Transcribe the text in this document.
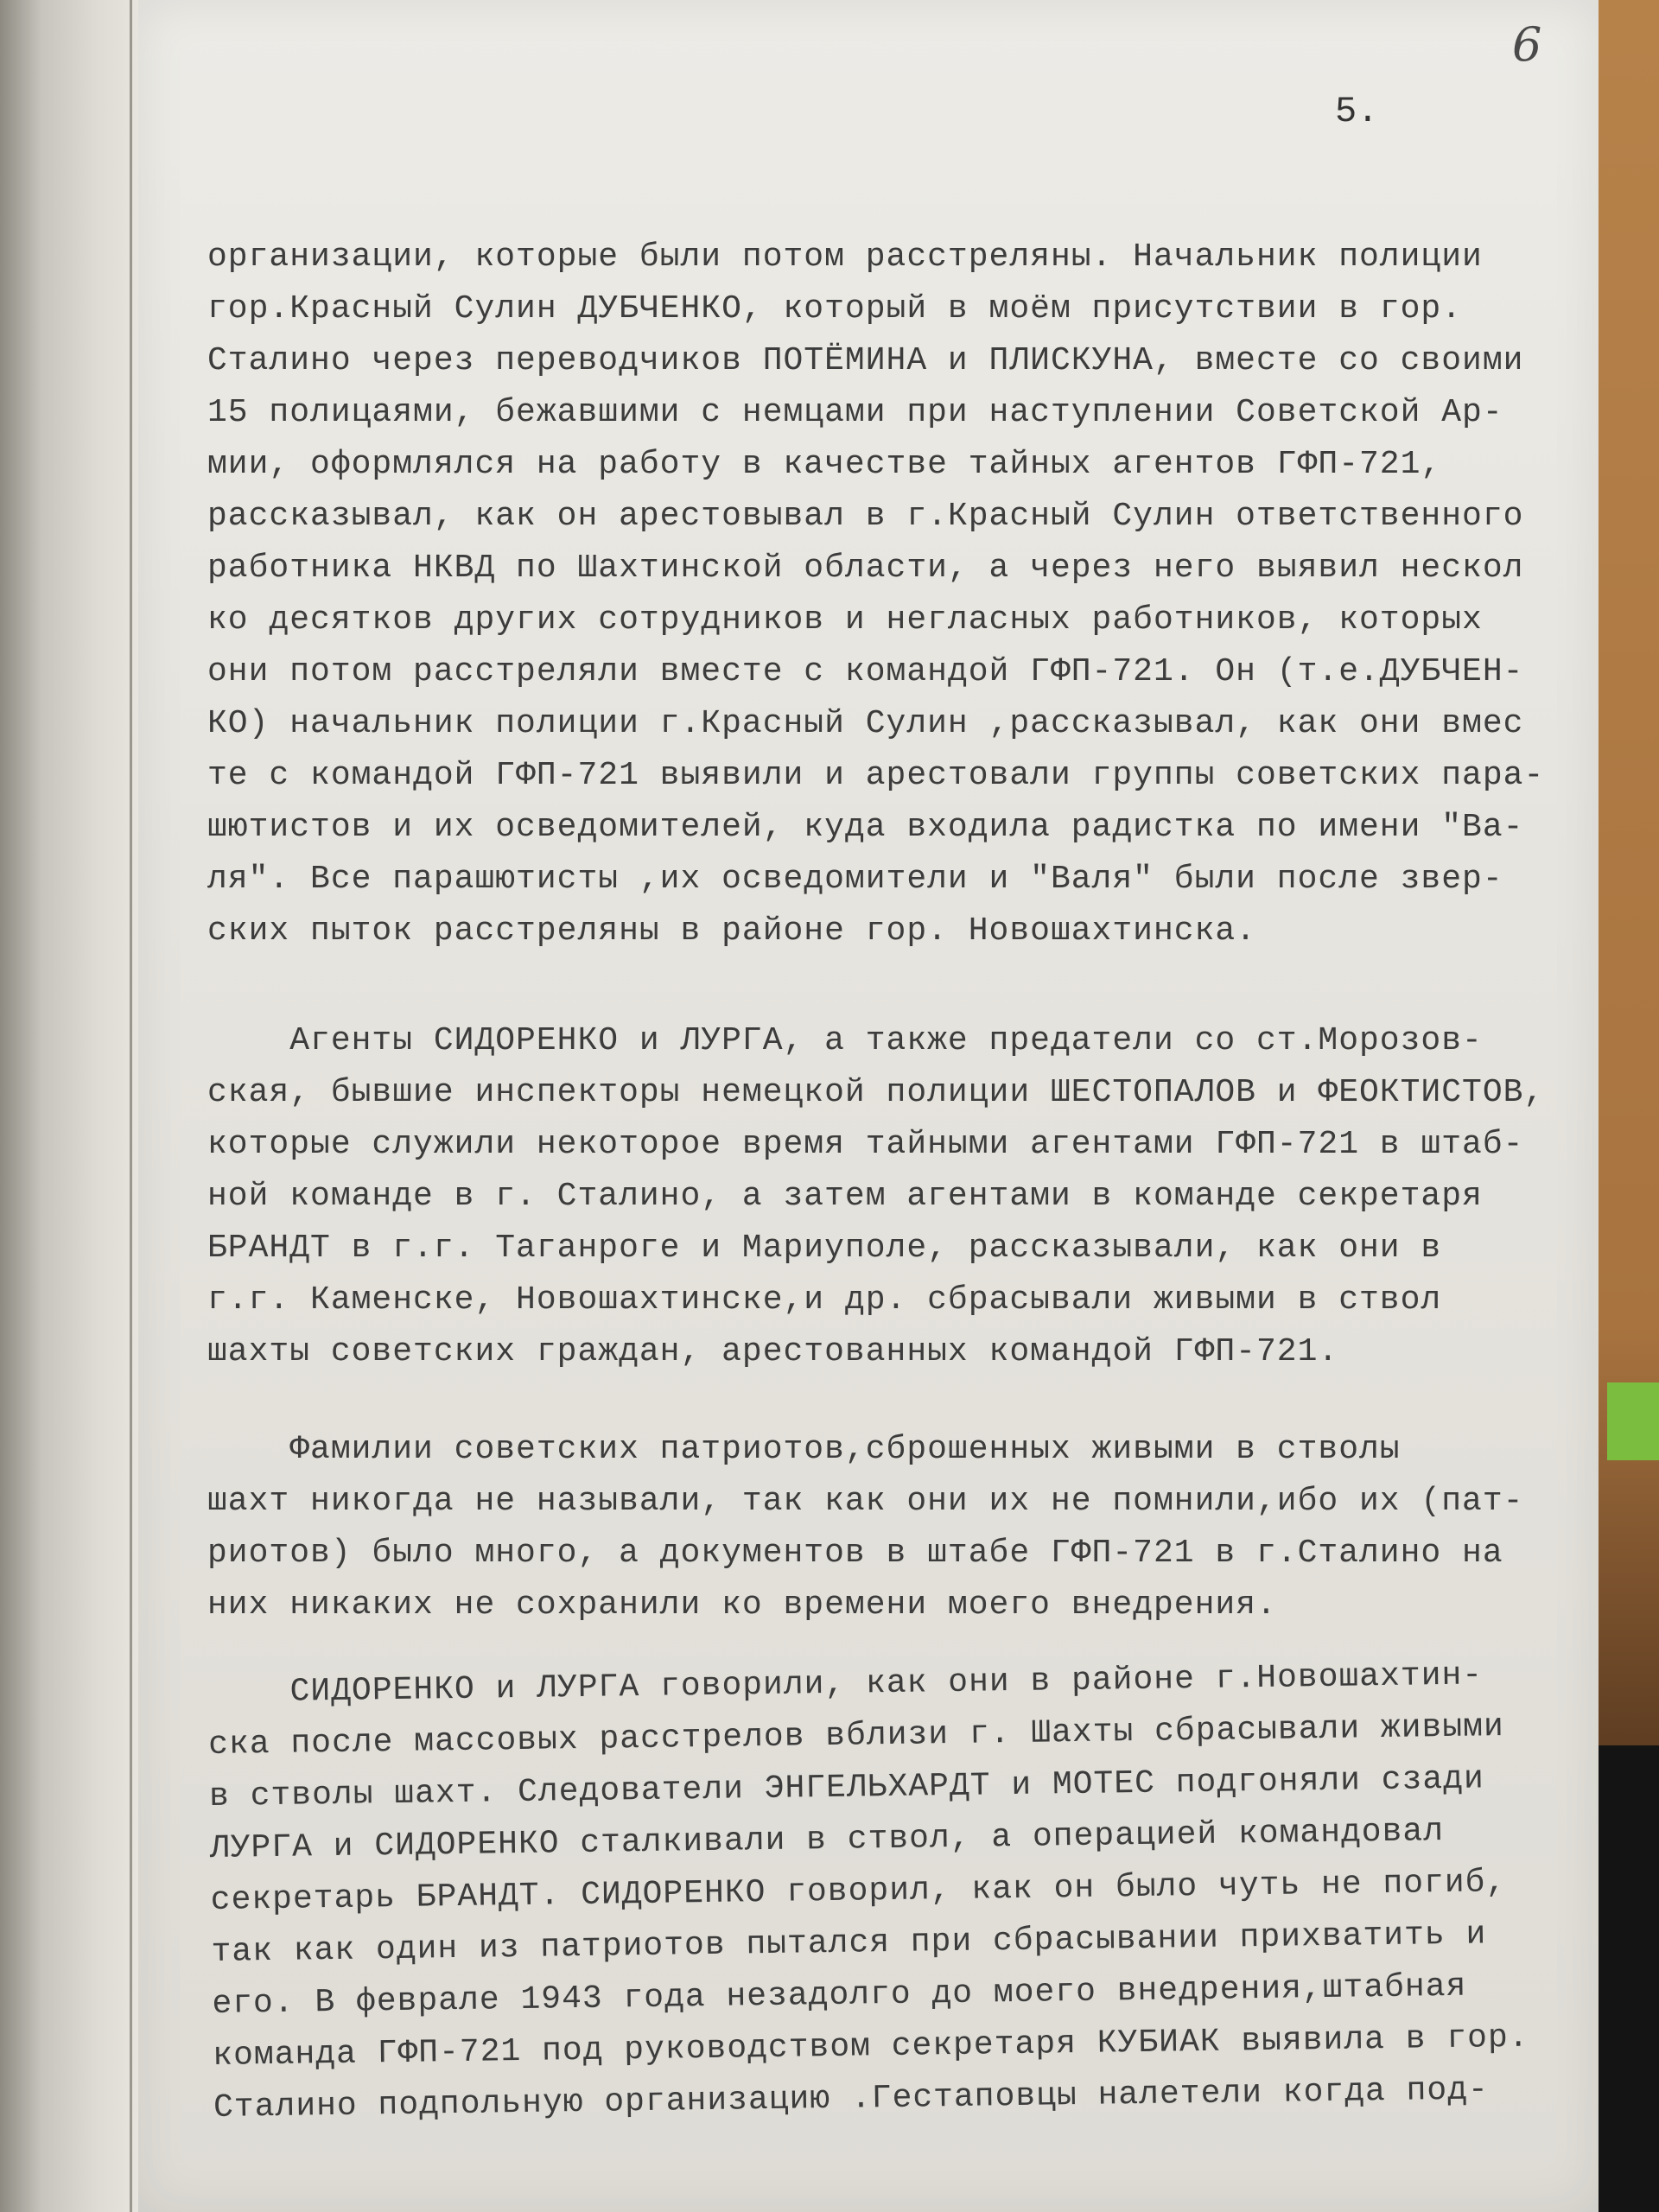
6
5.
организации, которые были потом расстреляны. Начальник полиции
гор.Красный Сулин ДУБЧЕНКО, который в моём присутствии в гор.
Сталино через переводчиков ПОТЁМИНА и ПЛИСКУНА, вместе со своими
15 полицаями, бежавшими с немцами при наступлении Советской Ар-
мии, оформлялся на работу в качестве тайных агентов ГФП-721,
рассказывал, как он арестовывал в г.Красный Сулин ответственного
работника НКВД по Шахтинской области, а через него выявил нескол
ко десятков других сотрудников и негласных работников, которых
они потом расстреляли вместе с командой ГФП-721. Он (т.е.ДУБЧЕН-
КО) начальник полиции г.Красный Сулин ,рассказывал, как они вмес
те с командой ГФП-721 выявили и арестовали группы советских пара-
шютистов и их осведомителей, куда входила радистка по имени "Ва-
ля". Все парашютисты ,их осведомители и "Валя" были после звер-
ских пыток расстреляны в районе гор. Новошахтинска.
Агенты СИДОРЕНКО и ЛУРГА, а также предатели со ст.Морозов-
ская, бывшие инспекторы немецкой полиции ШЕСТОПАЛОВ и ФЕОКТИСТОВ,
которые служили некоторое время тайными агентами ГФП-721 в штаб-
ной команде в г. Сталино, а затем агентами в команде секретаря
БРАНДТ в г.г. Таганроге и Мариуполе, рассказывали, как они в
г.г. Каменске, Новошахтинске,и др. сбрасывали живыми в ствол
шахты советских граждан, арестованных командой ГФП-721.
Фамилии советских патриотов,сброшенных живыми в стволы
шахт никогда не называли, так как они их не помнили,ибо их (пат-
риотов) было много, а документов в штабе ГФП-721 в г.Сталино на
них никаких не сохранили ко времени моего внедрения.
СИДОРЕНКО и ЛУРГА говорили, как они в районе г.Новошахтин-
ска после массовых расстрелов вблизи г. Шахты сбрасывали живыми
в стволы шахт. Следователи ЭНГЕЛЬХАРДТ и МОТЕС подгоняли сзади
ЛУРГА и СИДОРЕНКО сталкивали в ствол, а операцией командовал
секретарь БРАНДТ. СИДОРЕНКО говорил, как он было чуть не погиб,
так как один из патриотов пытался при сбрасывании прихватить и
его. В феврале 1943 года незадолго до моего внедрения,штабная
команда ГФП-721 под руководством секретаря КУБИАК выявила в гор.
Сталино подпольную организацию .Гестаповцы налетели когда под-
